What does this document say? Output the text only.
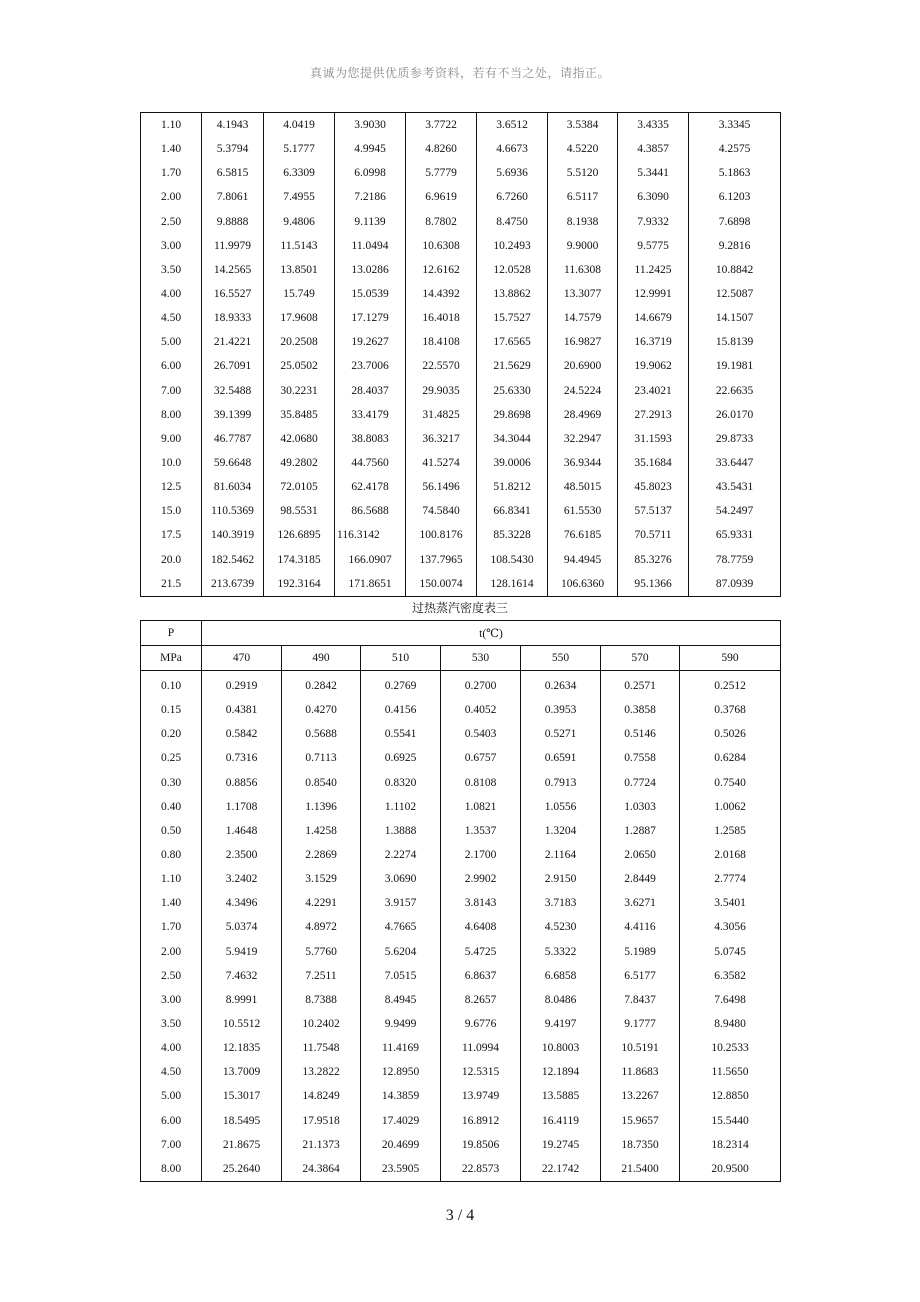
真诚为您提供优质参考资料，若有不当之处，请指正。
1.10	4.1943	4.0419	3.9030	3.7722	3.6512	3.5384	3.4335	3.3345
1.40	5.3794	5.1777	4.9945	4.8260	4.6673	4.5220	4.3857	4.2575
1.70	6.5815	6.3309	6.0998	5.7779	5.6936	5.5120	5.3441	5.1863
2.00	7.8061	7.4955	7.2186	6.9619	6.7260	6.5117	6.3090	6.1203
2.50	9.8888	9.4806	9.1139	8.7802	8.4750	8.1938	7.9332	7.6898
3.00	11.9979	11.5143	11.0494	10.6308	10.2493	9.9000	9.5775	9.2816
3.50	14.2565	13.8501	13.0286	12.6162	12.0528	11.6308	11.2425	10.8842
4.00	16.5527	15.749	15.0539	14.4392	13.8862	13.3077	12.9991	12.5087
4.50	18.9333	17.9608	17.1279	16.4018	15.7527	14.7579	14.6679	14.1507
5.00	21.4221	20.2508	19.2627	18.4108	17.6565	16.9827	16.3719	15.8139
6.00	26.7091	25.0502	23.7006	22.5570	21.5629	20.6900	19.9062	19.1981
7.00	32.5488	30.2231	28.4037	29.9035	25.6330	24.5224	23.4021	22.6635
8.00	39.1399	35.8485	33.4179	31.4825	29.8698	28.4969	27.2913	26.0170
9.00	46.7787	42.0680	38.8083	36.3217	34.3044	32.2947	31.1593	29.8733
10.0	59.6648	49.2802	44.7560	41.5274	39.0006	36.9344	35.1684	33.6447
12.5	81.6034	72.0105	62.4178	56.1496	51.8212	48.5015	45.8023	43.5431
15.0	110.5369	98.5531	86.5688	74.5840	66.8341	61.5530	57.5137	54.2497
17.5	140.3919	126.6895	116.3142	100.8176	85.3228	76.6185	70.5711	65.9331
20.0	182.5462	174.3185	166.0907	137.7965	108.5430	94.4945	85.3276	78.7759
21.5	213.6739	192.3164	171.8651	150.0074	128.1614	106.6360	95.1366	87.0939
过热蒸汽密度表三
P	t(℃)						
MPa	470	490	510	530	550	570	590
0.10	0.2919	0.2842	0.2769	0.2700	0.2634	0.2571	0.2512
0.15	0.4381	0.4270	0.4156	0.4052	0.3953	0.3858	0.3768
0.20	0.5842	0.5688	0.5541	0.5403	0.5271	0.5146	0.5026
0.25	0.7316	0.7113	0.6925	0.6757	0.6591	0.7558	0.6284
0.30	0.8856	0.8540	0.8320	0.8108	0.7913	0.7724	0.7540
0.40	1.1708	1.1396	1.1102	1.0821	1.0556	1.0303	1.0062
0.50	1.4648	1.4258	1.3888	1.3537	1.3204	1.2887	1.2585
0.80	2.3500	2.2869	2.2274	2.1700	2.1164	2.0650	2.0168
1.10	3.2402	3.1529	3.0690	2.9902	2.9150	2.8449	2.7774
1.40	4.3496	4.2291	3.9157	3.8143	3.7183	3.6271	3.5401
1.70	5.0374	4.8972	4.7665	4.6408	4.5230	4.4116	4.3056
2.00	5.9419	5.7760	5.6204	5.4725	5.3322	5.1989	5.0745
2.50	7.4632	7.2511	7.0515	6.8637	6.6858	6.5177	6.3582
3.00	8.9991	8.7388	8.4945	8.2657	8.0486	7.8437	7.6498
3.50	10.5512	10.2402	9.9499	9.6776	9.4197	9.1777	8.9480
4.00	12.1835	11.7548	11.4169	11.0994	10.8003	10.5191	10.2533
4.50	13.7009	13.2822	12.8950	12.5315	12.1894	11.8683	11.5650
5.00	15.3017	14.8249	14.3859	13.9749	13.5885	13.2267	12.8850
6.00	18.5495	17.9518	17.4029	16.8912	16.4119	15.9657	15.5440
7.00	21.8675	21.1373	20.4699	19.8506	19.2745	18.7350	18.2314
8.00	25.2640	24.3864	23.5905	22.8573	22.1742	21.5400	20.9500
3 / 4
